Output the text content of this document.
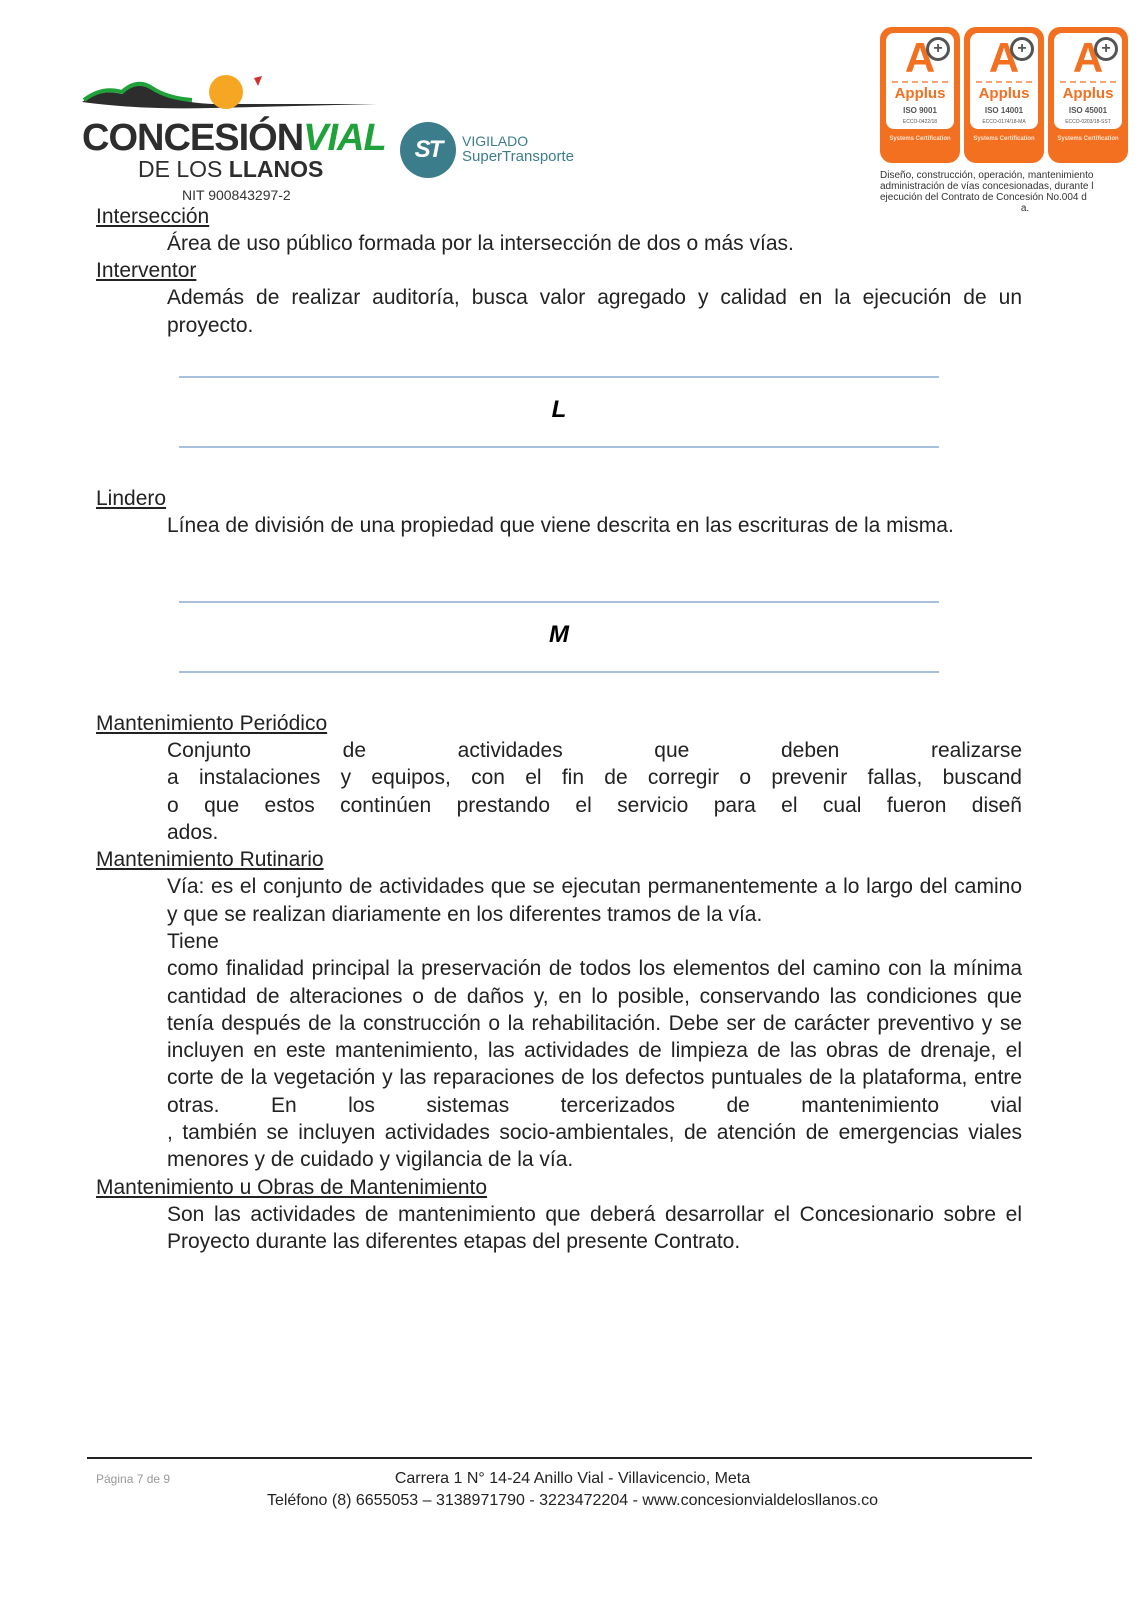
CONCESIÓNVIAL
DE LOS LLANOS
NIT 900843297-2
ST	VIGILADO
SuperTransporte
A
+
Applus
ISO 9001
ECCO-0422/18
Systems Certification
A
+
Applus
ISO 14001
ECCO-0174/18-MA
Systems Certification
A
+
Applus
ISO 45001
ECCO-0203/18-SST
Systems Certification
Diseño, construcción, operación, mantenimiento
administración de vías concesionadas, durante l
ejecución del Contrato de Concesión No.004 d
a.
Intersección

Área de uso público formada por la intersección de dos o más vías.

Interventor

Además de realizar auditoría, busca valor agregado y calidad en la ejecución de un proyecto.

L
Lindero

Línea de división de una propiedad que viene descrita en las escrituras de la misma.

M
Mantenimiento Periódico

Conjunto de actividades que deben realizarse

a instalaciones y equipos, con el fin de corregir o prevenir fallas, buscand

o que estos continúen prestando el servicio para el cual fueron diseñ

ados.

Mantenimiento Rutinario

Vía: es el conjunto de actividades que se ejecutan permanentemente a lo largo del camino y que se realizan diariamente en los diferentes tramos de la vía.

Tiene

como finalidad principal la preservación de todos los elementos del camino con la mínima cantidad de alteraciones o de daños y, en lo posible, conservando las condiciones que tenía después de la construcción o la rehabilitación. Debe ser de carácter preventivo y se incluyen en este mantenimiento, las actividades de limpieza de las obras de drenaje, el corte de la vegetación y las reparaciones de los defectos puntuales de la plataforma, entre otras. En los sistemas tercerizados de mantenimiento vial

, también se incluyen actividades socio-ambientales, de atención de emergencias viales menores y de cuidado y vigilancia de la vía.

Mantenimiento u Obras de Mantenimiento

Son las actividades de mantenimiento que deberá desarrollar el Concesionario sobre el Proyecto durante las diferentes etapas del presente Contrato.

Página 7 de 9	Carrera 1 N° 14-24 Anillo Vial - Villavicencio, Meta
Teléfono (8) 6655053 – 3138971790 - 3223472204 - www.concesionvialdelosllanos.co
